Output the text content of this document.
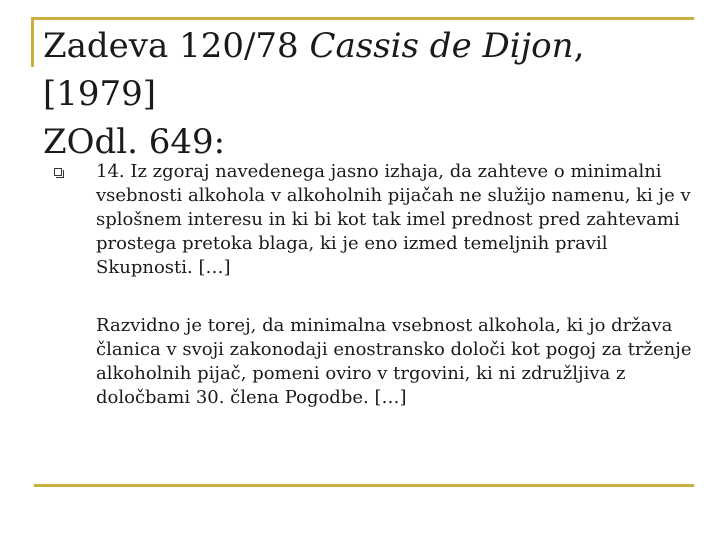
Zadeva 120/78 Cassis de Dijon, [1979]
ZOdl. 649:

14. Iz zgoraj navedenega jasno izhaja, da zahteve o minimalni vsebnosti alkohola v alkoholnih pijačah ne služijo namenu, ki je v splošnem interesu in ki bi kot tak imel prednost pred zahtevami prostega pretoka blaga, ki je eno izmed temeljnih pravil Skupnosti. […]

Razvidno je torej, da minimalna vsebnost alkohola, ki jo država članica v svoji zakonodaji enostransko določi kot pogoj za trženje alkoholnih pijač, pomeni oviro v trgovini, ki ni združljiva z določbami 30. člena Pogodbe. […]
